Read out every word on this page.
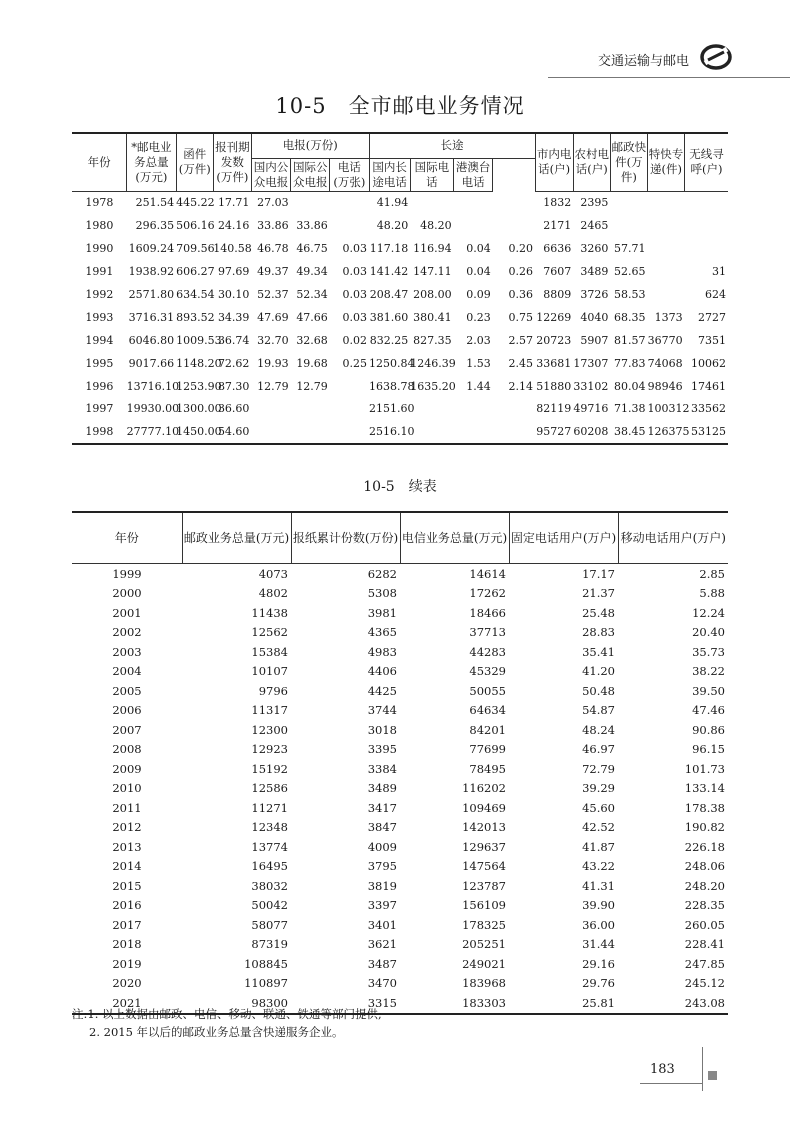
交通运输与邮电
10-5　全市邮电业务情况
年份	*邮电业务总量(万元)	函件(万件)	报刊期发数(万件)	电报(万份)			长途				市内电话(户)	农村电话(户)	邮政快件(万件)	特快专递(件)	无线寻呼(户)
				国内公众电报	国际公众电报	电话(万张)	国内长途电话	国际电话	港澳台电话						
1978	251.54	445.22	17.71	27.03			41.94				1832	2395			
1980	296.35	506.16	24.16	33.86	33.86		48.20	48.20			2171	2465			
1990	1609.24	709.56	140.58	46.78	46.75	0.03	117.18	116.94	0.04	0.20	6636	3260	57.71		
1991	1938.92	606.27	97.69	49.37	49.34	0.03	141.42	147.11	0.04	0.26	7607	3489	52.65		31
1992	2571.80	634.54	30.10	52.37	52.34	0.03	208.47	208.00	0.09	0.36	8809	3726	58.53		624
1993	3716.31	893.52	34.39	47.69	47.66	0.03	381.60	380.41	0.23	0.75	12269	4040	68.35	1373	2727
1994	6046.80	1009.53	36.74	32.70	32.68	0.02	832.25	827.35	2.03	2.57	20723	5907	81.57	36770	7351
1995	9017.66	1148.20	72.62	19.93	19.68	0.25	1250.84	1246.39	1.53	2.45	33681	17307	77.83	74068	10062
1996	13716.10	1253.90	87.30	12.79	12.79		1638.78	1635.20	1.44	2.14	51880	33102	80.04	98946	17461
1997	19930.00	1300.00	36.60				2151.60				82119	49716	71.38	100312	33562
1998	27777.10	1450.00	54.60				2516.10				95727	60208	38.45	126375	53125
10-5　续表
年份	邮政业务总量(万元)	报纸累计份数(万份)	电信业务总量(万元)	固定电话用户(万户)	移动电话用户(万户)
1999	4073	6282	14614	17.17	2.85
2000	4802	5308	17262	21.37	5.88
2001	11438	3981	18466	25.48	12.24
2002	12562	4365	37713	28.83	20.40
2003	15384	4983	44283	35.41	35.73
2004	10107	4406	45329	41.20	38.22
2005	9796	4425	50055	50.48	39.50
2006	11317	3744	64634	54.87	47.46
2007	12300	3018	84201	48.24	90.86
2008	12923	3395	77699	46.97	96.15
2009	15192	3384	78495	72.79	101.73
2010	12586	3489	116202	39.29	133.14
2011	11271	3417	109469	45.60	178.38
2012	12348	3847	142013	42.52	190.82
2013	13774	4009	129637	41.87	226.18
2014	16495	3795	147564	43.22	248.06
2015	38032	3819	123787	41.31	248.20
2016	50042	3397	156109	39.90	228.35
2017	58077	3401	178325	36.00	260.05
2018	87319	3621	205251	31.44	228.41
2019	108845	3487	249021	29.16	247.85
2020	110897	3470	183968	29.76	245.12
2021	98300	3315	183303	25.81	243.08
注:1. 以上数据由邮政、电信、移动、联通、铁通等部门提供;
2. 2015 年以后的邮政业务总量含快递服务企业。
183
